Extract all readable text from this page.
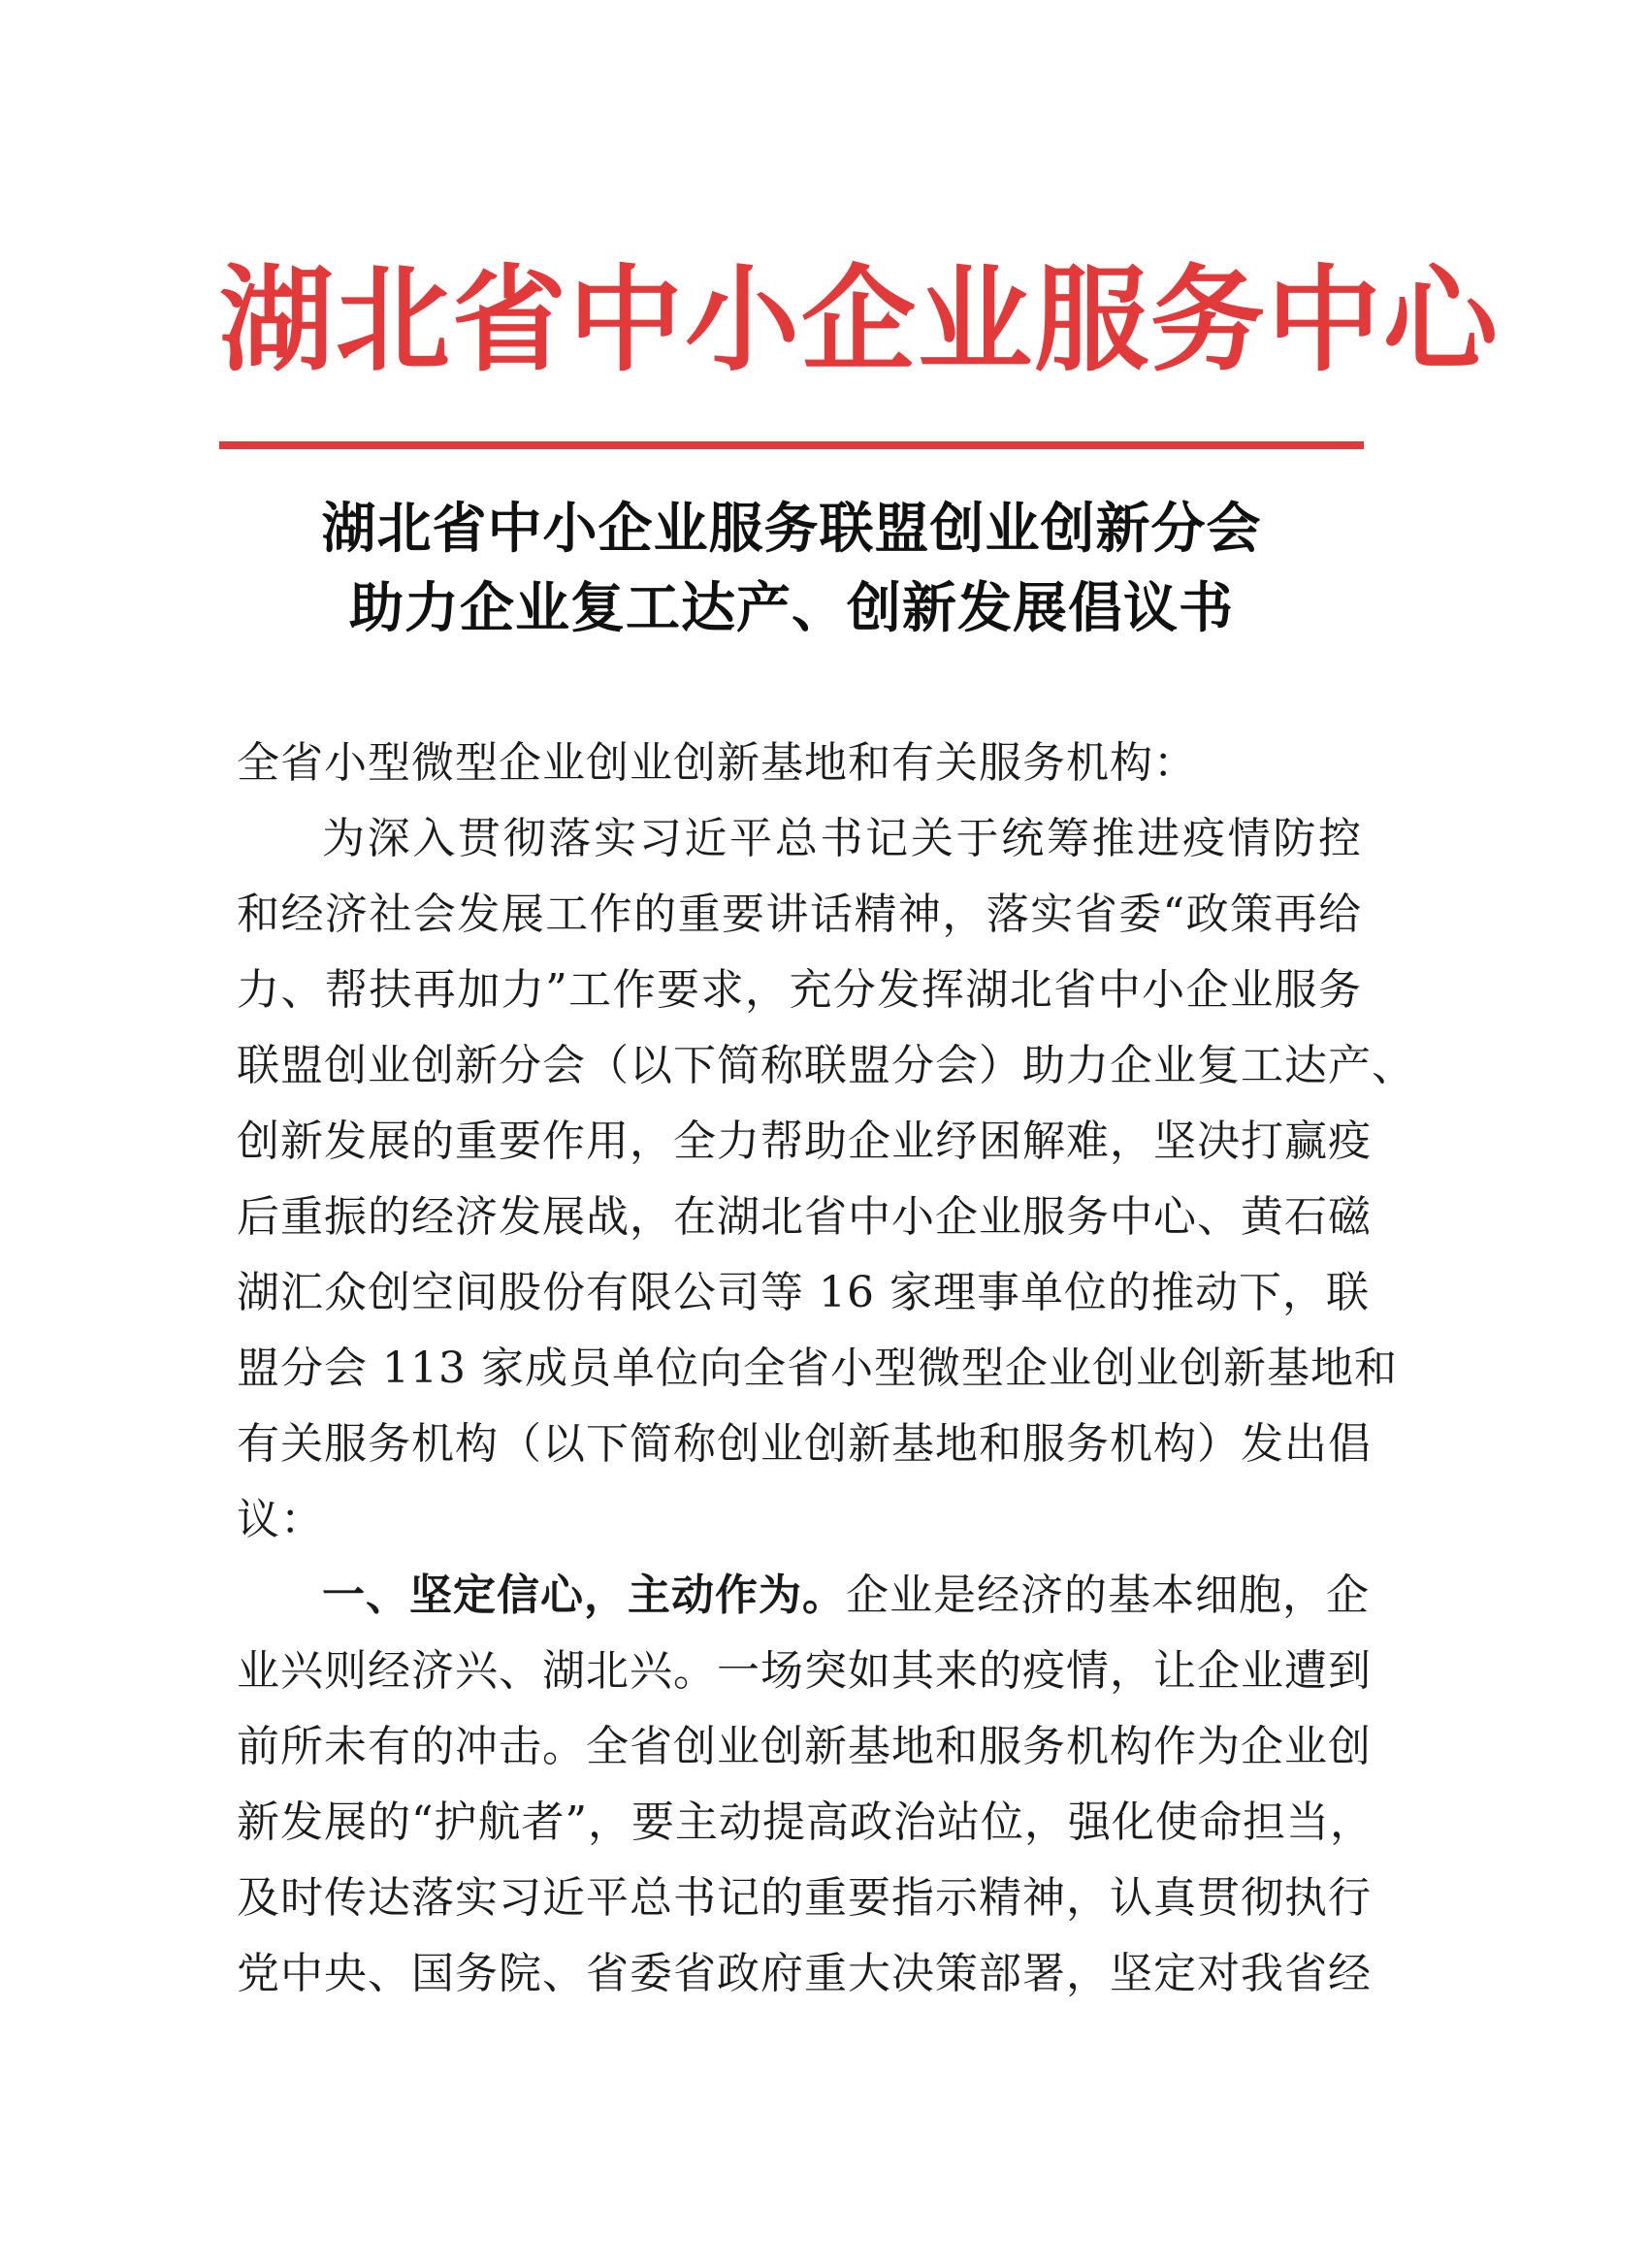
湖北省中小企业服务中心
湖北省中小企业服务联盟创业创新分会
助力企业复工达产、创新发展倡议书
全省小型微型企业创业创新基地和有关服务机构：
为深入贯彻落实习近平总书记关于统筹推进疫情防控
和经济社会发展工作的重要讲话精神，落实省委“政策再给
力、帮扶再加力”工作要求，充分发挥湖北省中小企业服务
联盟创业创新分会（以下简称联盟分会）助力企业复工达产、
创新发展的重要作用，全力帮助企业纾困解难，坚决打赢疫
后重振的经济发展战，在湖北省中小企业服务中心、黄石磁
湖汇众创空间股份有限公司等 16 家理事单位的推动下，联
盟分会 113 家成员单位向全省小型微型企业创业创新基地和
有关服务机构（以下简称创业创新基地和服务机构）发出倡
议：
一、坚定信心，主动作为。企业是经济的基本细胞，企
业兴则经济兴、湖北兴。一场突如其来的疫情，让企业遭到
前所未有的冲击。全省创业创新基地和服务机构作为企业创
新发展的“护航者”，要主动提高政治站位，强化使命担当，
及时传达落实习近平总书记的重要指示精神，认真贯彻执行
党中央、国务院、省委省政府重大决策部署，坚定对我省经
